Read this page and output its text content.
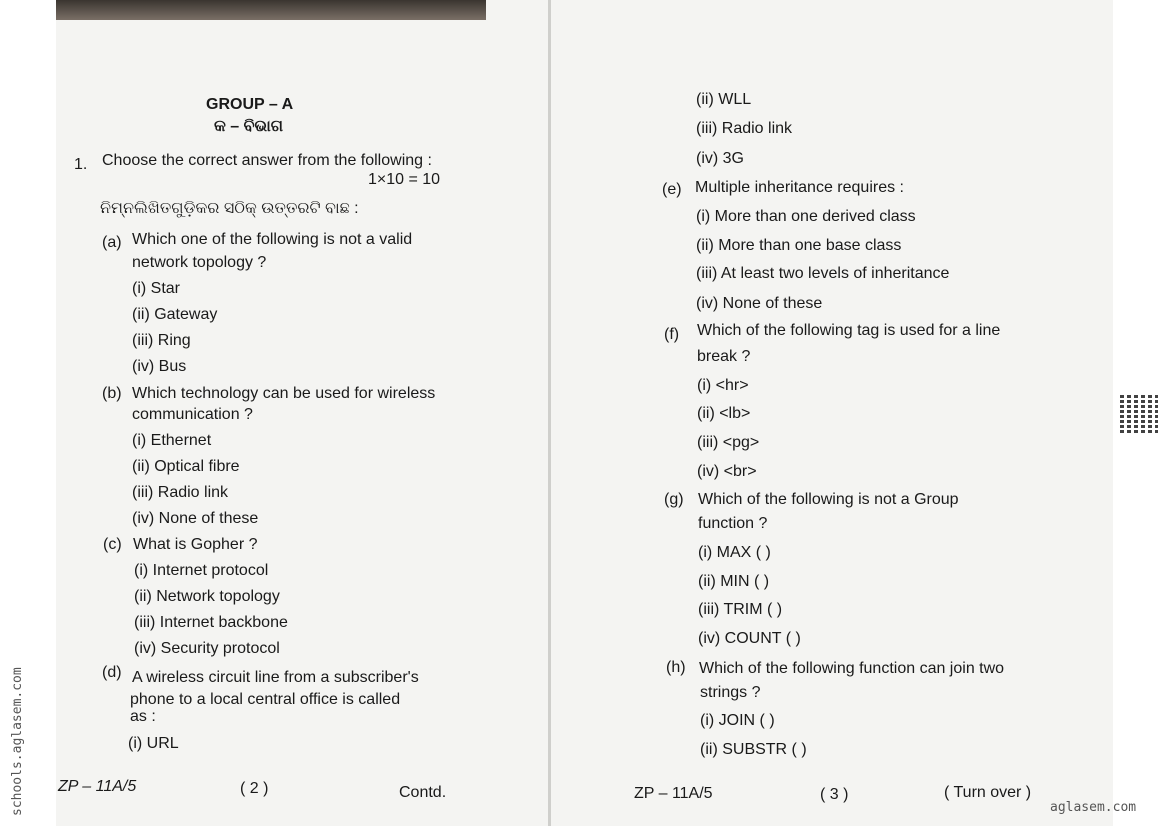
GROUP – A
କ – ବିଭାଗ
1. Choose the correct answer from the following :
1×10 = 10
ନିମ୍ନଲିଖିତଗୁଡ଼ିକର ସଠିକ୍ ଉତ୍ତରଟି ବାଛ :
(a) Which one of the following is not a valid
network topology ?
(i) Star
(ii) Gateway
(iii) Ring
(iv) Bus
(b) Which technology can be used for wireless
communication ?
(i) Ethernet
(ii) Optical fibre
(iii) Radio link
(iv) None of these
(c) What is Gopher ?
(i) Internet protocol
(ii) Network topology
(iii) Internet backbone
(iv) Security protocol
(d) A wireless circuit line from a subscriber's
phone to a local central office is called
as :
(i) URL
ZP – 11A/5	( 2 )	Contd.
(ii) WLL
(iii) Radio link
(iv) 3G
(e) Multiple inheritance requires :
(i) More than one derived class
(ii) More than one base class
(iii) At least two levels of inheritance
(iv) None of these
(f) Which of the following tag is used for a line
break ?
(i) <hr>
(ii) <lb>
(iii) <pg>
(iv) <br>
(g) Which of the following is not a Group
function ?
(i) MAX ( )
(ii) MIN ( )
(iii) TRIM ( )
(iv) COUNT ( )
(h) Which of the following function can join two
strings ?
(i) JOIN ( )
(ii) SUBSTR ( )
ZP – 11A/5	( 3 )	( Turn over )
schools.aglasem.com	aglasem.com
